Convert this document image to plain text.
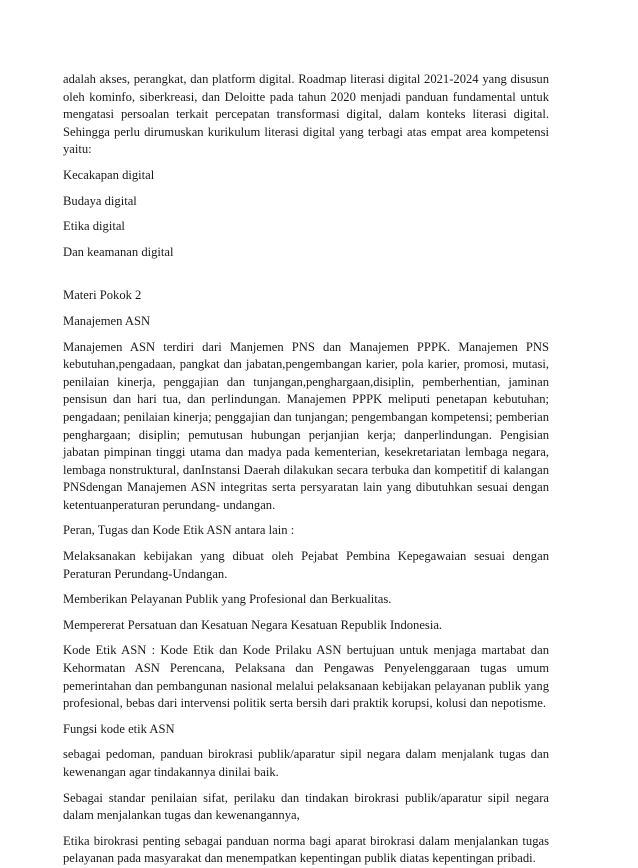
adalah akses, perangkat, dan platform digital. Roadmap literasi digital 2021-2024 yang disusun oleh kominfo, siberkreasi, dan Deloitte pada tahun 2020 menjadi panduan fundamental untuk mengatasi persoalan terkait percepatan transformasi digital, dalam konteks literasi digital. Sehingga perlu dirumuskan kurikulum literasi digital yang terbagi atas empat area kompetensi yaitu:

Kecakapan digital

Budaya digital

Etika digital

Dan keamanan digital

Materi Pokok 2

Manajemen ASN

Manajemen ASN terdiri dari Manjemen PNS dan Manajemen PPPK. Manajemen PNS kebutuhan,pengadaan, pangkat dan jabatan,pengembangan karier, pola karier, promosi, mutasi, penilaian kinerja, penggajian dan tunjangan,penghargaan,disiplin, pemberhentian, jaminan pensisun dan hari tua, dan perlindungan. Manajemen PPPK meliputi penetapan kebutuhan; pengadaan; penilaian kinerja; penggajian dan tunjangan; pengembangan kompetensi; pemberian penghargaan; disiplin; pemutusan hubungan perjanjian kerja; danperlindungan. Pengisian jabatan pimpinan tinggi utama dan madya pada kementerian, kesekretariatan lembaga negara, lembaga nonstruktural, danInstansi Daerah dilakukan secara terbuka dan kompetitif di kalangan PNSdengan Manajemen ASN integritas serta persyaratan lain yang dibutuhkan sesuai dengan ketentuanperaturan perundang- undangan.

Peran, Tugas dan Kode Etik ASN antara lain :

Melaksanakan kebijakan yang dibuat oleh Pejabat Pembina Kepegawaian sesuai dengan Peraturan Perundang-Undangan.

Memberikan Pelayanan Publik yang Profesional dan Berkualitas.

Mempererat Persatuan dan Kesatuan Negara Kesatuan Republik Indonesia.

Kode Etik ASN : Kode Etik dan Kode Prilaku ASN bertujuan untuk menjaga martabat dan Kehormatan ASN Perencana, Pelaksana dan Pengawas Penyelenggaraan tugas umum pemerintahan dan pembangunan nasional melalui pelaksanaan kebijakan pelayanan publik yang profesional, bebas dari intervensi politik serta bersih dari praktik korupsi, kolusi dan nepotisme.

Fungsi kode etik ASN

sebagai pedoman, panduan birokrasi publik/aparatur sipil negara dalam menjalank tugas dan kewenangan agar tindakannya dinilai baik.

Sebagai standar penilaian sifat, perilaku dan tindakan birokrasi publik/aparatur sipil negara dalam menjalankan tugas dan kewenangannya,

Etika birokrasi penting sebagai panduan norma bagi aparat birokrasi dalam menjalankan tugas pelayanan pada masyarakat dan menempatkan kepentingan publik diatas kepentingan pribadi.
